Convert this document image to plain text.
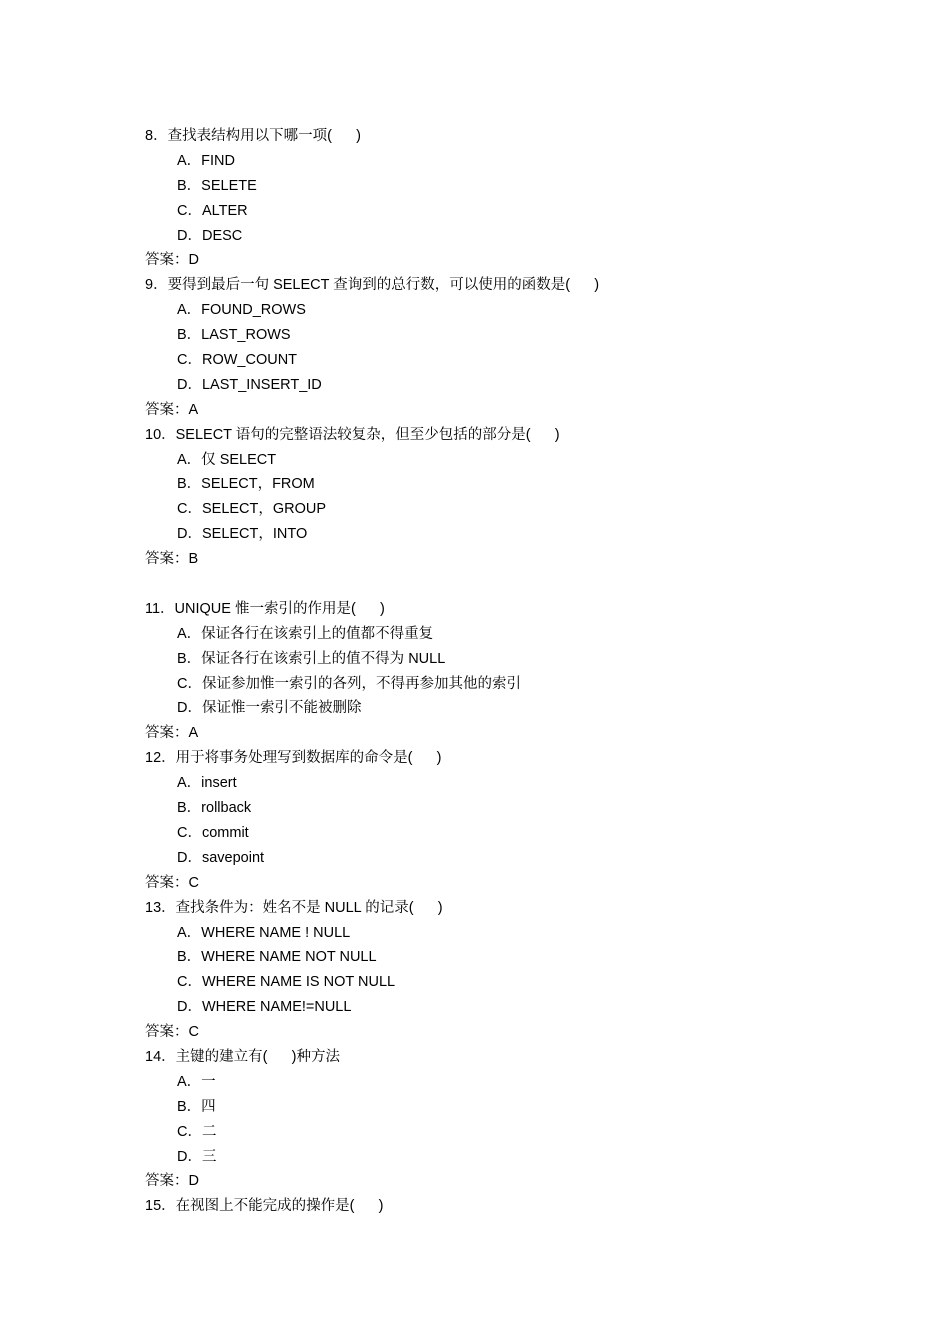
8．查找表结构用以下哪一项(      )
A．FIND
B．SELETE
C．ALTER
D．DESC
答案：D
9．要得到最后一句 SELECT 查询到的总行数，可以使用的函数是(      )
A．FOUND_ROWS
B．LAST_ROWS
C．ROW_COUNT
D．LAST_INSERT_ID
答案：A
10．SELECT 语句的完整语法较复杂，但至少包括的部分是(      )
A．仅 SELECT
B．SELECT，FROM
C．SELECT，GROUP
D．SELECT，INTO
答案：B
11．UNIQUE 惟一索引的作用是(      )
A．保证各行在该索引上的值都不得重复
B．保证各行在该索引上的值不得为 NULL
C．保证参加惟一索引的各列，不得再参加其他的索引
D．保证惟一索引不能被删除
答案：A
12．用于将事务处理写到数据库的命令是(      )
A．insert
B．rollback
C．commit
D．savepoint
答案：C
13．查找条件为：姓名不是 NULL 的记录(      )
A．WHERE NAME ! NULL
B．WHERE NAME NOT NULL
C．WHERE NAME IS NOT NULL
D．WHERE NAME!=NULL
答案：C
14．主键的建立有(      )种方法
A．一
B．四
C．二
D．三
答案：D
15．在视图上不能完成的操作是(      )
